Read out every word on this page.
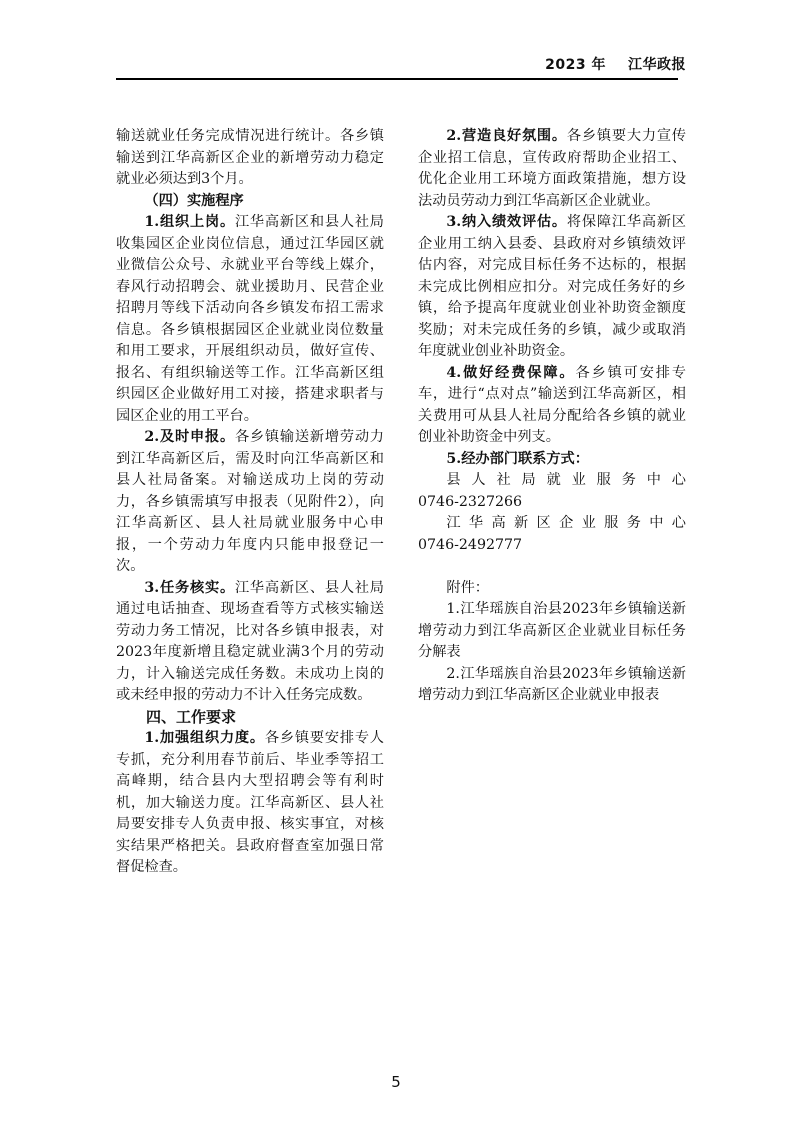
2023 年 江华政报

输送就业任务完成情况进行统计。各乡镇输送到江华高新区企业的新增劳动力稳定就业必须达到3个月。

（四）实施程序

1.组织上岗。江华高新区和县人社局收集园区企业岗位信息，通过江华园区就业微信公众号、永就业平台等线上媒介，春风行动招聘会、就业援助月、民营企业招聘月等线下活动向各乡镇发布招工需求信息。各乡镇根据园区企业就业岗位数量和用工要求，开展组织动员，做好宣传、报名、有组织输送等工作。江华高新区组织园区企业做好用工对接，搭建求职者与园区企业的用工平台。

2.及时申报。各乡镇输送新增劳动力到江华高新区后，需及时向江华高新区和县人社局备案。对输送成功上岗的劳动力，各乡镇需填写申报表（见附件2），向江华高新区、县人社局就业服务中心申报，一个劳动力年度内只能申报登记一次。

3.任务核实。江华高新区、县人社局通过电话抽查、现场查看等方式核实输送劳动力务工情况，比对各乡镇申报表，对2023年度新增且稳定就业满3个月的劳动力，计入输送完成任务数。未成功上岗的或未经申报的劳动力不计入任务完成数。

四、工作要求

1.加强组织力度。各乡镇要安排专人专抓，充分利用春节前后、毕业季等招工高峰期，结合县内大型招聘会等有利时机，加大输送力度。江华高新区、县人社局要安排专人负责申报、核实事宜，对核实结果严格把关。县政府督查室加强日常督促检查。

2.营造良好氛围。各乡镇要大力宣传企业招工信息，宣传政府帮助企业招工、优化企业用工环境方面政策措施，想方设法动员劳动力到江华高新区企业就业。

3.纳入绩效评估。将保障江华高新区企业用工纳入县委、县政府对乡镇绩效评估内容，对完成目标任务不达标的，根据未完成比例相应扣分。对完成任务好的乡镇，给予提高年度就业创业补助资金额度奖励；对未完成任务的乡镇，减少或取消年度就业创业补助资金。

4.做好经费保障。各乡镇可安排专车，进行“点对点”输送到江华高新区，相关费用可从县人社局分配给各乡镇的就业创业补助资金中列支。

5.经办部门联系方式：

县人社局就业服务中心

0746-2327266

江华高新区企业服务中心

0746-2492777

附件：

1.江华瑶族自治县2023年乡镇输送新增劳动力到江华高新区企业就业目标任务分解表

2.江华瑶族自治县2023年乡镇输送新增劳动力到江华高新区企业就业申报表

5
